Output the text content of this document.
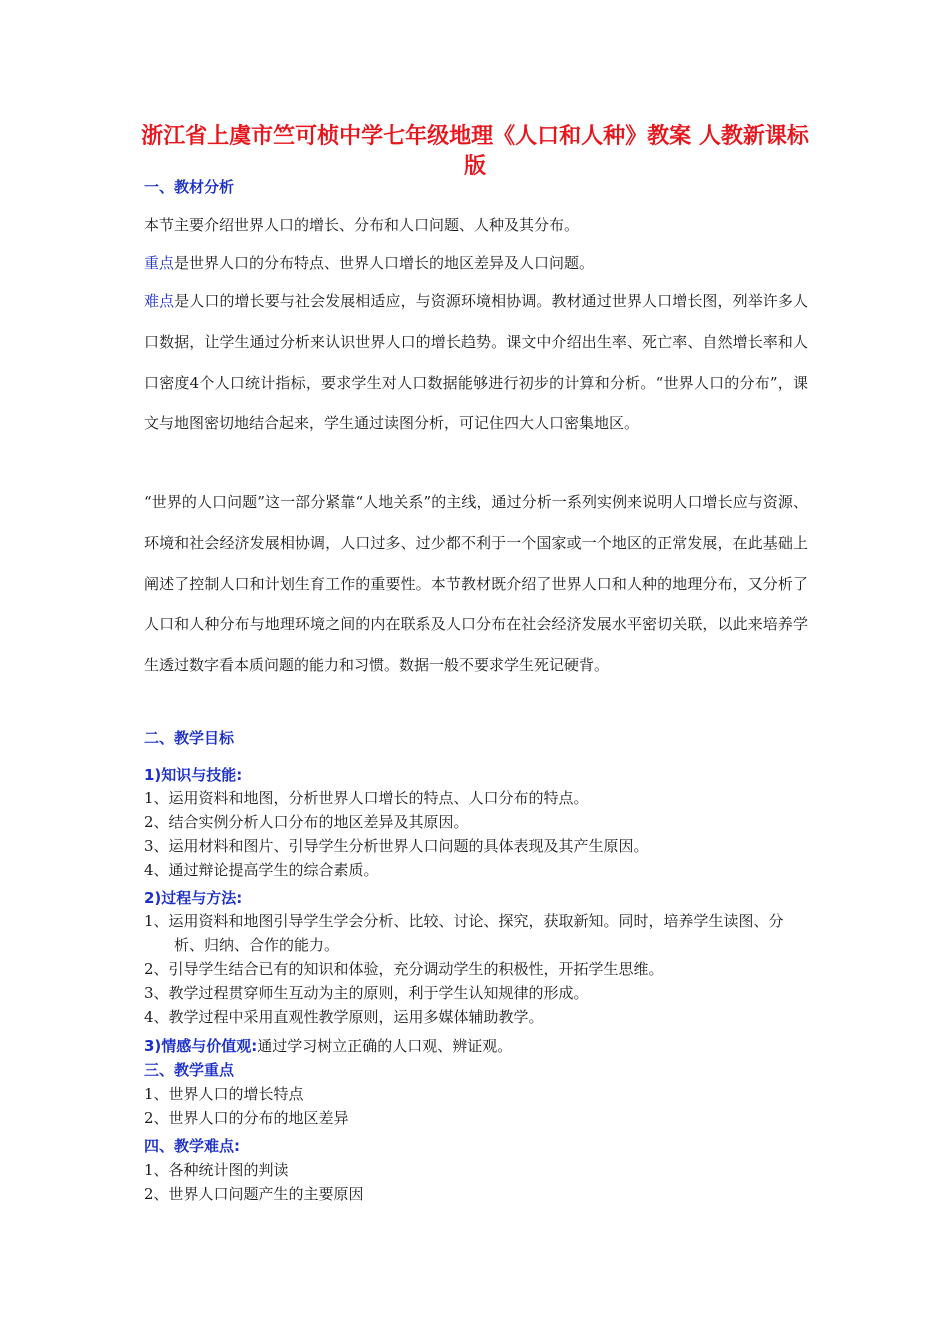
浙江省上虞市竺可桢中学七年级地理《人口和人种》教案 人教新课标版
一、教材分析

本节主要介绍世界人口的增长、分布和人口问题、人种及其分布。

重点是世界人口的分布特点、世界人口增长的地区差异及人口问题。

难点是人口的增长要与社会发展相适应，与资源环境相协调。教材通过世界人口增长图，列举许多人口数据，让学生通过分析来认识世界人口的增长趋势。课文中介绍出生率、死亡率、自然增长率和人口密度4个人口统计指标，要求学生对人口数据能够进行初步的计算和分析。“世界人口的分布”，课文与地图密切地结合起来，学生通过读图分析，可记住四大人口密集地区。

“世界的人口问题”这一部分紧靠“人地关系”的主线，通过分析一系列实例来说明人口增长应与资源、环境和社会经济发展相协调，人口过多、过少都不利于一个国家或一个地区的正常发展，在此基础上阐述了控制人口和计划生育工作的重要性。本节教材既介绍了世界人口和人种的地理分布，又分析了人口和人种分布与地理环境之间的内在联系及人口分布在社会经济发展水平密切关联，以此来培养学生透过数字看本质问题的能力和习惯。数据一般不要求学生死记硬背。

二、教学目标
1)知识与技能:
1、运用资料和地图，分析世界人口增长的特点、人口分布的特点。
2、结合实例分析人口分布的地区差异及其原因。
3、运用材料和图片、引导学生分析世界人口问题的具体表现及其产生原因。
4、通过辩论提高学生的综合素质。
2)过程与方法:
1、运用资料和地图引导学生学会分析、比较、讨论、探究，获取新知。同时，培养学生读图、分析、归纳、合作的能力。
2、引导学生结合已有的知识和体验，充分调动学生的积极性，开拓学生思维。
3、教学过程贯穿师生互动为主的原则，利于学生认知规律的形成。
4、教学过程中采用直观性教学原则，运用多媒体辅助教学。
3)情感与价值观:通过学习树立正确的人口观、辨证观。
三、教学重点
1、世界人口的增长特点
2、世界人口的分布的地区差异
四、教学难点:
1、各种统计图的判读
2、世界人口问题产生的主要原因
